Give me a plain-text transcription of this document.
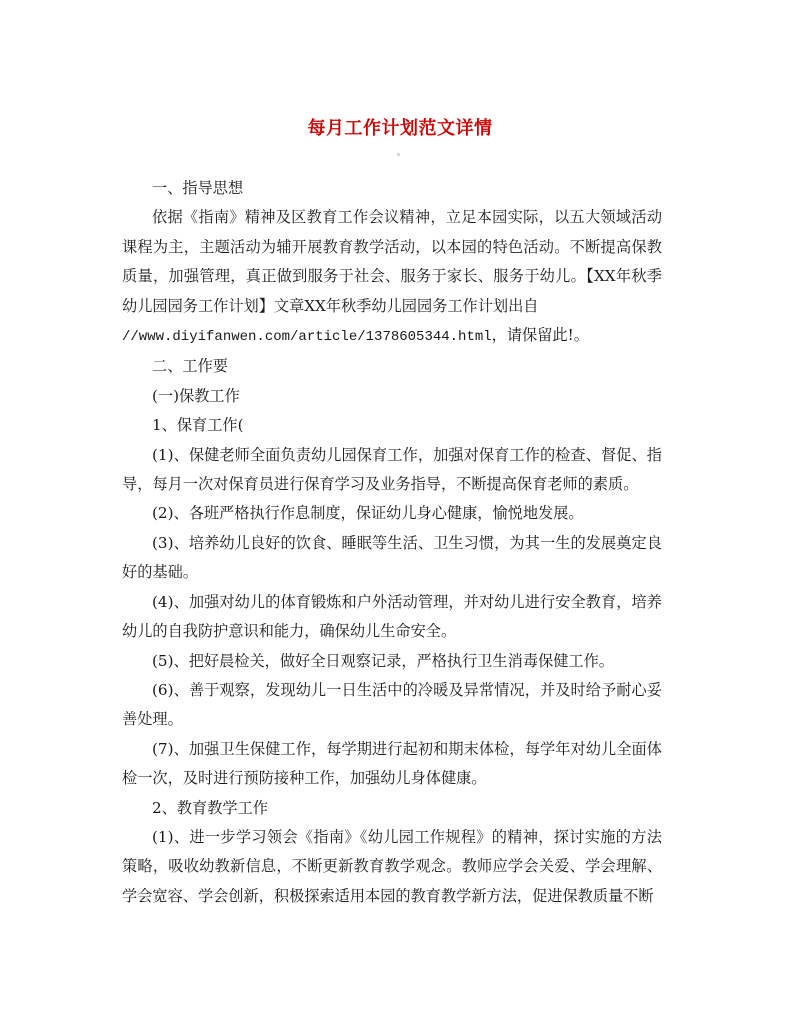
每月工作计划范文详情

一、指导思想

依据《指南》精神及区教育工作会议精神，立足本园实际，以五大领域活动课程为主，主题活动为辅开展教育教学活动，以本园的特色活动。不断提高保教质量，加强管理，真正做到服务于社会、服务于家长、服务于幼儿。【XX年秋季幼儿园园务工作计划】文章XX年秋季幼儿园园务工作计划出自

//www.diyifanwen.com/article/1378605344.html，请保留此!。

二、工作要

(一)保教工作

1、保育工作(

(1)、保健老师全面负责幼儿园保育工作，加强对保育工作的检查、督促、指导，每月一次对保育员进行保育学习及业务指导，不断提高保育老师的素质。

(2)、各班严格执行作息制度，保证幼儿身心健康，愉悦地发展。

(3)、培养幼儿良好的饮食、睡眠等生活、卫生习惯，为其一生的发展奠定良好的基础。

(4)、加强对幼儿的体育锻炼和户外活动管理，并对幼儿进行安全教育，培养幼儿的自我防护意识和能力，确保幼儿生命安全。

(5)、把好晨检关，做好全日观察记录，严格执行卫生消毒保健工作。

(6)、善于观察，发现幼儿一日生活中的冷暖及异常情况，并及时给予耐心妥善处理。

(7)、加强卫生保健工作，每学期进行起初和期末体检，每学年对幼儿全面体检一次，及时进行预防接种工作，加强幼儿身体健康。

2、教育教学工作

(1)、进一步学习领会《指南》《幼儿园工作规程》的精神，探讨实施的方法策略，吸收幼教新信息，不断更新教育教学观念。教师应学会关爱、学会理解、学会宽容、学会创新，积极探索适用本园的教育教学新方法，促进保教质量不断
